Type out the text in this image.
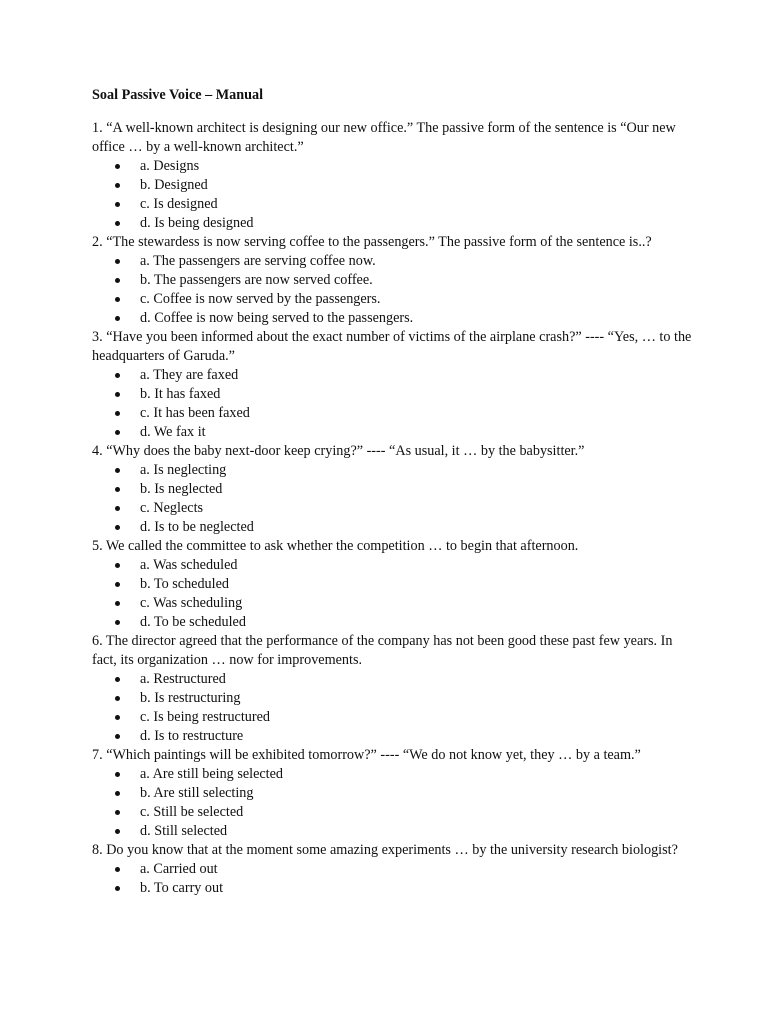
Soal Passive Voice – Manual
1. “A well-known architect is designing our new office.” The passive form of the sentence is “Our new office … by a well-known architect.”
a. Designs
b. Designed
c. Is designed
d. Is being designed
2. “The stewardess is now serving coffee to the passengers.” The passive form of the sentence is..?
a. The passengers are serving coffee now.
b. The passengers are now served coffee.
c. Coffee is now served by the passengers.
d. Coffee is now being served to the passengers.
3. “Have you been informed about the exact number of victims of the airplane crash?” ---- “Yes, … to the headquarters of Garuda.”
a. They are faxed
b. It has faxed
c. It has been faxed
d. We fax it
4. “Why does the baby next-door keep crying?” ---- “As usual, it … by the babysitter.”
a. Is neglecting
b. Is neglected
c. Neglects
d. Is to be neglected
5. We called the committee to ask whether the competition … to begin that afternoon.
a. Was scheduled
b. To scheduled
c. Was scheduling
d. To be scheduled
6. The director agreed that the performance of the company has not been good these past few years. In fact, its organization … now for improvements.
a. Restructured
b. Is restructuring
c. Is being restructured
d. Is to restructure
7. “Which paintings will be exhibited tomorrow?” ---- “We do not know yet, they … by a team.”
a. Are still being selected
b. Are still selecting
c. Still be selected
d. Still selected
8. Do you know that at the moment some amazing experiments … by the university research biologist?
a. Carried out
b. To carry out
